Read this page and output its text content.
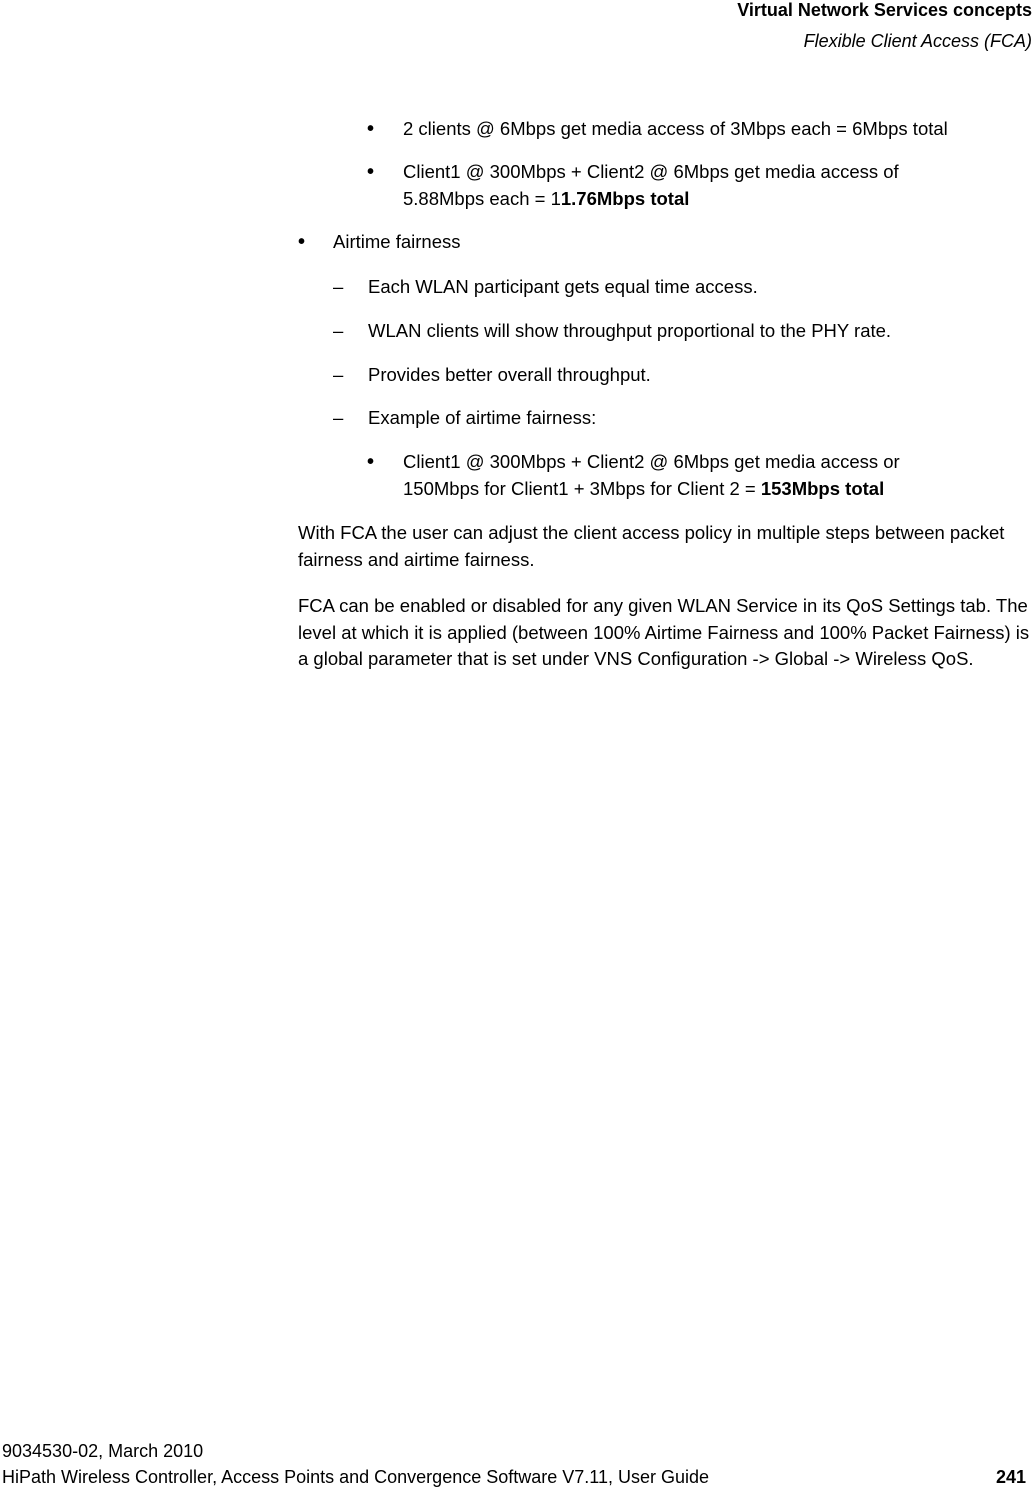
Virtual Network Services concepts
Flexible Client Access (FCA)
• 2 clients @ 6Mbps get media access of 3Mbps each = 6Mbps total
• Client1 @ 300Mbps + Client2 @ 6Mbps get media access of
5.88Mbps each = 11.76Mbps total
• Airtime fairness
– Each WLAN participant gets equal time access.
– WLAN clients will show throughput proportional to the PHY rate.
– Provides better overall throughput.
– Example of airtime fairness:
• Client1 @ 300Mbps + Client2 @ 6Mbps get media access or
150Mbps for Client1 + 3Mbps for Client 2 = 153Mbps total

With FCA the user can adjust the client access policy in multiple steps between packet fairness and airtime fairness.

FCA can be enabled or disabled for any given WLAN Service in its QoS Settings tab. The level at which it is applied (between 100% Airtime Fairness and 100% Packet Fairness) is a global parameter that is set under VNS Configuration -> Global -> Wireless QoS.

9034530-02, March 2010
HiPath Wireless Controller, Access Points and Convergence Software V7.11, User Guide	241
